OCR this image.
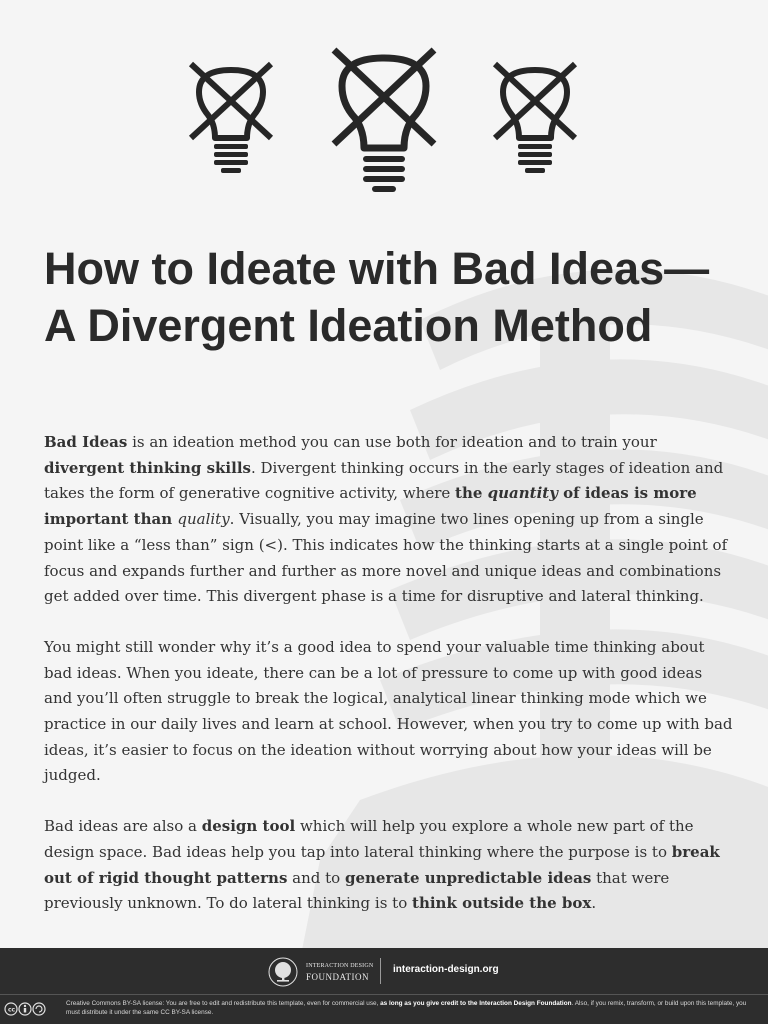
How to Ideate with Bad Ideas—A Divergent Ideation Method

Bad Ideas is an ideation method you can use both for ideation and to train your divergent thinking skills. Divergent thinking occurs in the early stages of ideation and takes the form of generative cognitive activity, where the quantity of ideas is more important than quality. Visually, you may imagine two lines opening up from a single point like a “less than” sign (<). This indicates how the thinking starts at a single point of focus and expands further and further as more novel and unique ideas and combinations get added over time. This divergent phase is a time for disruptive and lateral thinking.

You might still wonder why it’s a good idea to spend your valuable time thinking about bad ideas. When you ideate, there can be a lot of pressure to come up with good ideas and you’ll often struggle to break the logical, analytical linear thinking mode which we practice in our daily lives and learn at school. However, when you try to come up with bad ideas, it’s easier to focus on the ideation without worrying about how your ideas will be judged.

Bad ideas are also a design tool which will help you explore a whole new part of the design space. Bad ideas help you tap into lateral thinking where the purpose is to break out of rigid thought patterns and to generate unpredictable ideas that were previously unknown. To do lateral thinking is to think outside the box.

INTERACTION DESIGN
FOUNDATION
interaction-design.org
cc
Creative Commons BY-SA license: You are free to edit and redistribute this template, even for commercial use, as long as you give credit to the Interaction Design Foundation. Also, if you remix, transform, or build upon this template, you must distribute it under the same CC BY-SA license.
